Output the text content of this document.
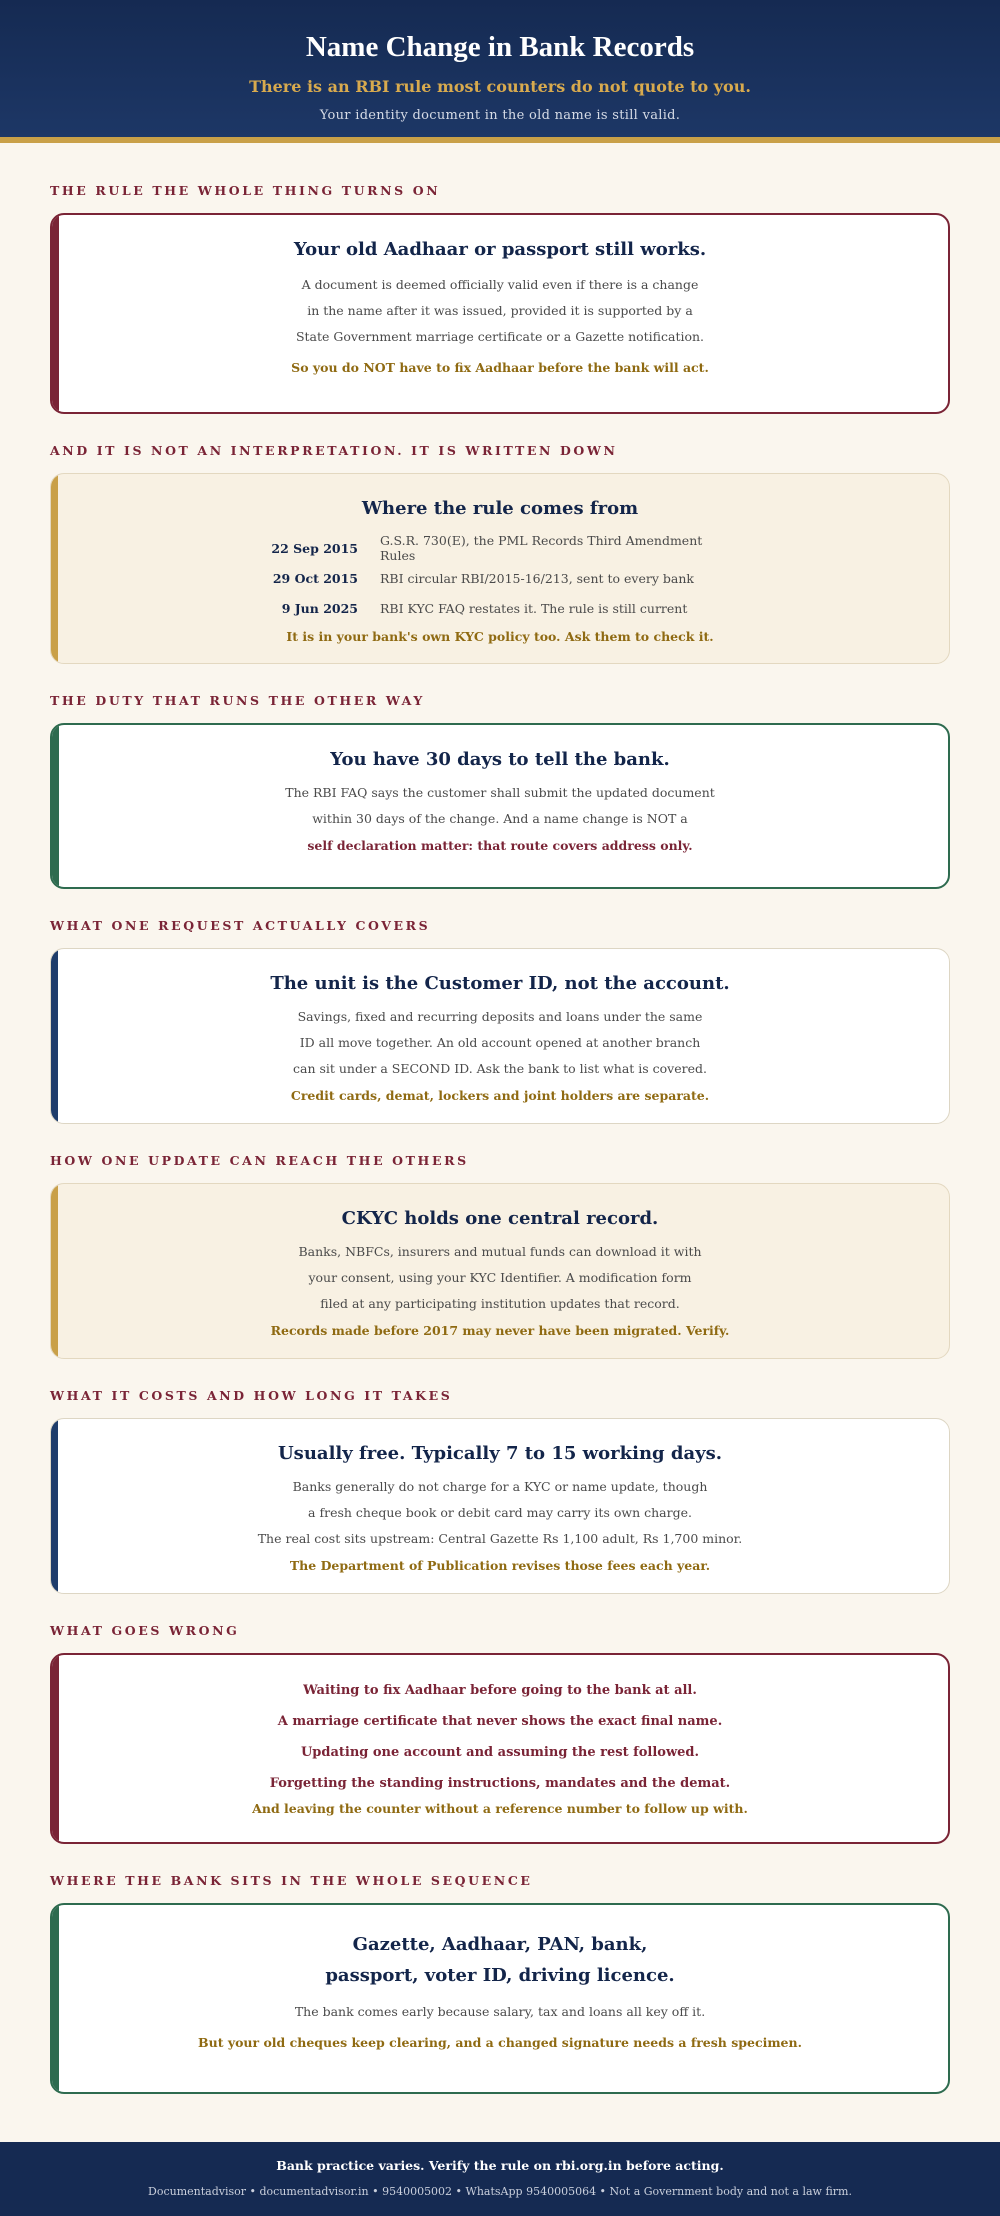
Name Change in Bank Records
There is an RBI rule most counters do not quote to you.
Your identity document in the old name is still valid.
THE RULE THE WHOLE THING TURNS ON
Your old Aadhaar or passport still works.

A document is deemed officially valid even if there is a change

in the name after it was issued, provided it is supported by a

State Government marriage certificate or a Gazette notification.

So you do NOT have to fix Aadhaar before the bank will act.

AND IT IS NOT AN INTERPRETATION. IT IS WRITTEN DOWN
Where the rule comes from
22 Sep 2015	G.S.R. 730(E), the PML Records Third Amendment Rules
29 Oct 2015	RBI circular RBI/2015-16/213, sent to every bank
9 Jun 2025	RBI KYC FAQ restates it. The rule is still current

It is in your bank's own KYC policy too. Ask them to check it.

THE DUTY THAT RUNS THE OTHER WAY
You have 30 days to tell the bank.

The RBI FAQ says the customer shall submit the updated document

within 30 days of the change. And a name change is NOT a

self declaration matter: that route covers address only.

WHAT ONE REQUEST ACTUALLY COVERS
The unit is the Customer ID, not the account.

Savings, fixed and recurring deposits and loans under the same

ID all move together. An old account opened at another branch

can sit under a SECOND ID. Ask the bank to list what is covered.

Credit cards, demat, lockers and joint holders are separate.

HOW ONE UPDATE CAN REACH THE OTHERS
CKYC holds one central record.

Banks, NBFCs, insurers and mutual funds can download it with

your consent, using your KYC Identifier. A modification form

filed at any participating institution updates that record.

Records made before 2017 may never have been migrated. Verify.

WHAT IT COSTS AND HOW LONG IT TAKES
Usually free. Typically 7 to 15 working days.

Banks generally do not charge for a KYC or name update, though

a fresh cheque book or debit card may carry its own charge.

The real cost sits upstream: Central Gazette Rs 1,100 adult, Rs 1,700 minor.

The Department of Publication revises those fees each year.

WHAT GOES WRONG

Waiting to fix Aadhaar before going to the bank at all.

A marriage certificate that never shows the exact final name.

Updating one account and assuming the rest followed.

Forgetting the standing instructions, mandates and the demat.

And leaving the counter without a reference number to follow up with.

WHERE THE BANK SITS IN THE WHOLE SEQUENCE
Gazette, Aadhaar, PAN, bank,
passport, voter ID, driving licence.

The bank comes early because salary, tax and loans all key off it.

But your old cheques keep clearing, and a changed signature needs a fresh specimen.

Bank practice varies. Verify the rule on rbi.org.in before acting.
Documentadvisor • documentadvisor.in • 9540005002 • WhatsApp 9540005064 • Not a Government body and not a law firm.
